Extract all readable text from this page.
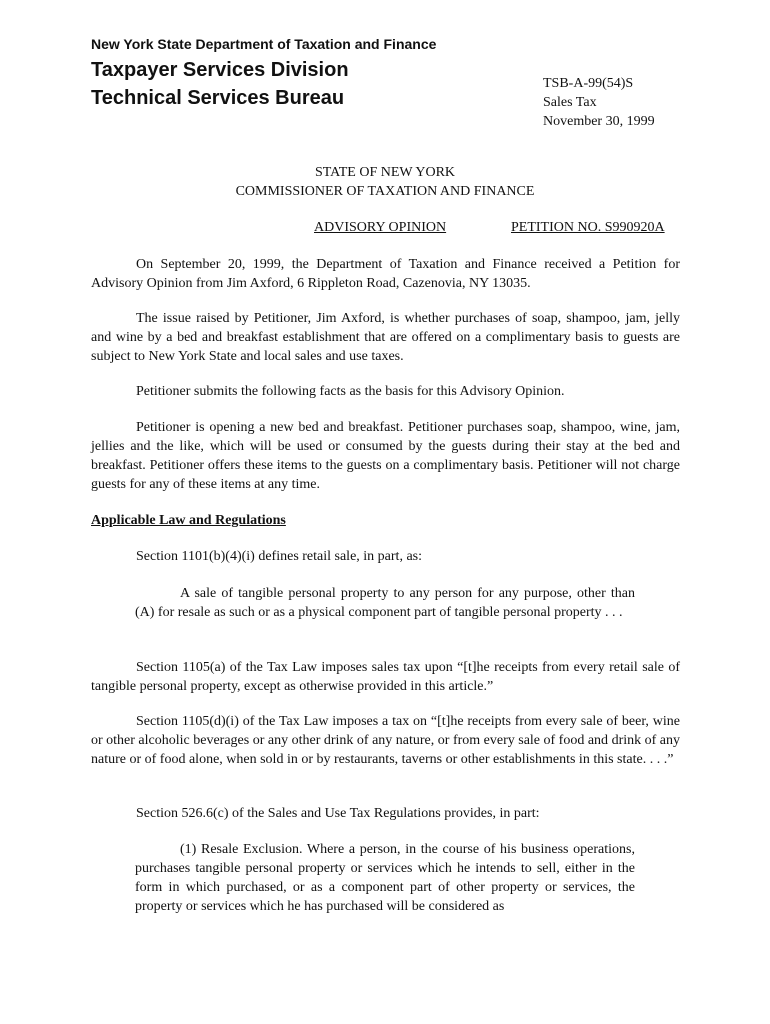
New York State Department of Taxation and Finance
Taxpayer Services Division
Technical Services Bureau
TSB-A-99(54)S
Sales Tax
November 30, 1999
STATE OF NEW YORK
COMMISSIONER OF TAXATION AND FINANCE
ADVISORY OPINION	PETITION NO. S990920A

On September 20, 1999, the Department of Taxation and Finance received a Petition for Advisory Opinion from Jim Axford, 6 Rippleton Road, Cazenovia, NY 13035.

The issue raised by Petitioner, Jim Axford, is whether purchases of soap, shampoo, jam, jelly and wine by a bed and breakfast establishment that are offered on a complimentary basis to guests are subject to New York State and local sales and use taxes.

Petitioner submits the following facts as the basis for this Advisory Opinion.

Petitioner is opening a new bed and breakfast. Petitioner purchases soap, shampoo, wine, jam, jellies and the like, which will be used or consumed by the guests during their stay at the bed and breakfast. Petitioner offers these items to the guests on a complimentary basis. Petitioner will not charge guests for any of these items at any time.

Applicable Law and Regulations

Section 1101(b)(4)(i) defines retail sale, in part, as:

A sale of tangible personal property to any person for any purpose, other than (A) for resale as such or as a physical component part of tangible personal property . . .

Section 1105(a) of the Tax Law imposes sales tax upon “[t]he receipts from every retail sale of tangible personal property, except as otherwise provided in this article.”

Section 1105(d)(i) of the Tax Law imposes a tax on “[t]he receipts from every sale of beer, wine or other alcoholic beverages or any other drink of any nature, or from every sale of food and drink of any nature or of food alone, when sold in or by restaurants, taverns or other establishments in this state. . . .”

Section 526.6(c) of the Sales and Use Tax Regulations provides, in part:

(1) Resale Exclusion. Where a person, in the course of his business operations, purchases tangible personal property or services which he intends to sell, either in the form in which purchased, or as a component part of other property or services, the property or services which he has purchased will be considered as
